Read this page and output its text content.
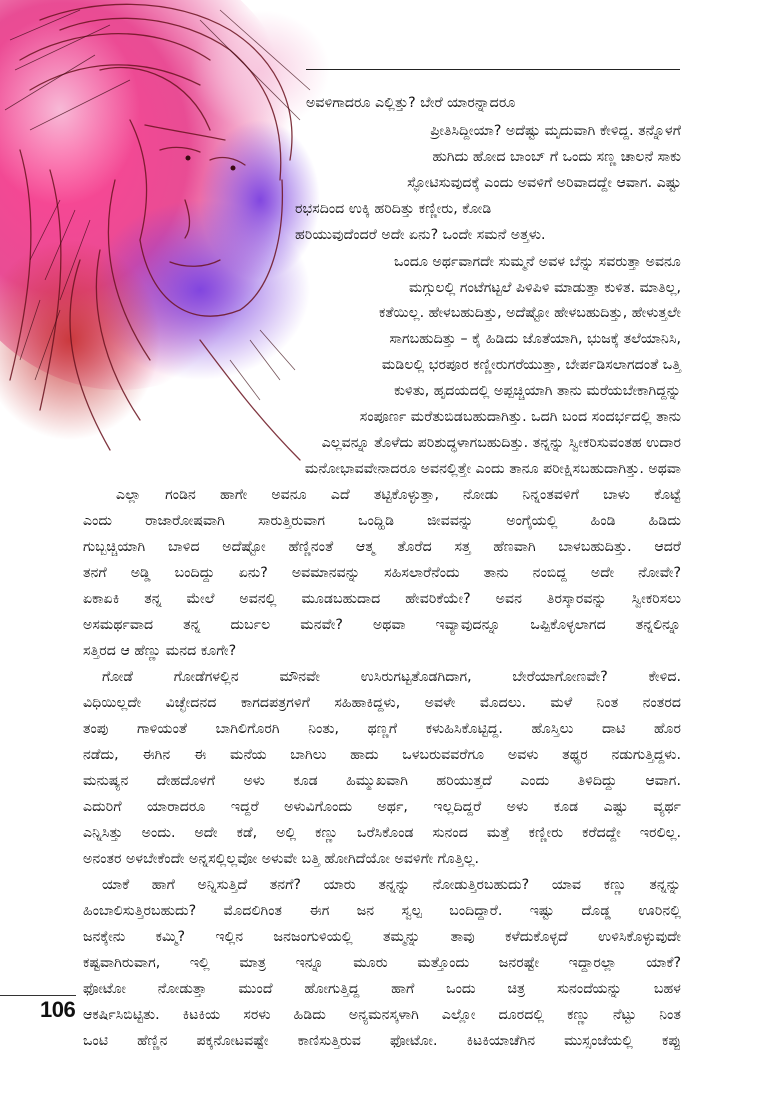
ಅವಳಿಗಾದರೂ ಎಲ್ಲಿತ್ತು? ಬೇರೆ ಯಾರನ್ನಾದರೂ
ಪ್ರೀತಿಸಿದ್ದೀಯಾ? ಅದೆಷ್ಟು ಮೃದುವಾಗಿ ಕೇಳಿದ್ದ. ತನ್ನೊಳಗೆ
ಹುಗಿದು ಹೋದ ಬಾಂಬ್ ಗೆ ಒಂದು ಸಣ್ಣ ಚಾಲನೆ ಸಾಕು
ಸ್ಫೋಟಿಸುವುದಕ್ಕೆ ಎಂದು ಅವಳಿಗೆ ಅರಿವಾದದ್ದೇ ಆವಾಗ. ಎಷ್ಟು
ರಭಸದಿಂದ ಉಕ್ಕಿ ಹರಿದಿತ್ತು ಕಣ್ಣೀರು, ಕೋಡಿ
ಹರಿಯುವುದೆಂದರೆ ಅದೇ ಏನು? ಒಂದೇ ಸಮನೆ ಅತ್ತಳು.
ಒಂದೂ ಅರ್ಥವಾಗದೇ ಸುಮ್ಮನೆ ಅವಳ ಬೆನ್ನು ಸವರುತ್ತಾ ಅವನೂ
ಮಗ್ಗುಲಲ್ಲಿ ಗಂಟೆಗಟ್ಟಲೆ ಪಿಳಿಪಿಳಿ ಮಾಡುತ್ತಾ ಕುಳಿತ. ಮಾತಿಲ್ಲ,
ಕತೆಯಿಲ್ಲ. ಹೇಳಬಹುದಿತ್ತು, ಅದೆಷ್ಟೋ ಹೇಳಬಹುದಿತ್ತು, ಹೇಳುತ್ತಲೇ
ಸಾಗಬಹುದಿತ್ತು – ಕೈ ಹಿಡಿದು ಜೊತೆಯಾಗಿ, ಭುಜಕ್ಕೆ ತಲೆಯಾನಿಸಿ,
ಮಡಿಲಲ್ಲಿ ಭರಪೂರ ಕಣ್ಣೀರುಗರೆಯುತ್ತಾ, ಬೇರ್ಪಡಿಸಲಾಗದಂತೆ ಒತ್ತಿ
ಕುಳಿತು, ಹೃದಯದಲ್ಲಿ ಅಪ್ಪಚ್ಚಿಯಾಗಿ ತಾನು ಮರೆಯಬೇಕಾಗಿದ್ದನ್ನು
ಸಂಪೂರ್ಣ ಮರೆತುಬಿಡಬಹುದಾಗಿತ್ತು. ಒದಗಿ ಬಂದ ಸಂದರ್ಭದಲ್ಲಿ ತಾನು
ಎಲ್ಲವನ್ನೂ ತೊಳೆದು ಪರಿಶುದ್ಧಳಾಗಬಹುದಿತ್ತು. ತನ್ನನ್ನು ಸ್ವೀಕರಿಸುವಂತಹ ಉದಾರ
ಮನೋಭಾವವೇನಾದರೂ ಅವನಲ್ಲಿತ್ತೇ ಎಂದು ತಾನೂ ಪರೀಕ್ಷಿಸಬಹುದಾಗಿತ್ತು. ಅಥವಾ
ಎಲ್ಲಾ ಗಂಡಿನ ಹಾಗೇ ಅವನೂ ಎದೆ ತಟ್ಟಿಕೊಳ್ಳುತ್ತಾ, ನೋಡು ನಿನ್ನಂತವಳಿಗೆ ಬಾಳು ಕೊಟ್ಟೆ
ಎಂದು ರಾಜಾರೋಷವಾಗಿ ಸಾರುತ್ತಿರುವಾಗ ಒಂದ್ಹಿಡಿ ಜೀವವನ್ನು ಅಂಗೈಯಲ್ಲಿ ಹಿಂಡಿ ಹಿಡಿದು
ಗುಬ್ಬಚ್ಚಿಯಾಗಿ ಬಾಳಿದ ಅದೆಷ್ಟೋ ಹೆಣ್ಣಿನಂತೆ ಆತ್ಮ ತೊರೆದ ಸತ್ತ ಹೆಣವಾಗಿ ಬಾಳಬಹುದಿತ್ತು. ಆದರೆ
ತನಗೆ ಅಡ್ಡಿ ಬಂದಿದ್ದು ಏನು? ಅವಮಾನವನ್ನು ಸಹಿಸಲಾರೆನೆಂದು ತಾನು ನಂಬಿದ್ದ ಅದೇ ನೋವೇ?
ಏಕಾಏಕಿ ತನ್ನ ಮೇಲೆ ಅವನಲ್ಲಿ ಮೂಡಬಹುದಾದ ಹೇವರಿಕೆಯೇ? ಅವನ ತಿರಸ್ಕಾರವನ್ನು ಸ್ವೀಕರಿಸಲು
ಅಸಮರ್ಥವಾದ ತನ್ನ ದುರ್ಬಲ ಮನವೇ? ಅಥವಾ ಇವ್ಯಾವುದನ್ನೂ ಒಪ್ಪಿಕೊಳ್ಳಲಾಗದ ತನ್ನಲಿನ್ನೂ
ಸತ್ತಿರದ ಆ ಹೆಣ್ಣು ಮನದ ಕೂಗೇ?
ಗೋಡೆ ಗೋಡೆಗಳಲ್ಲಿನ ಮೌನವೇ ಉಸಿರುಗಟ್ಟತೊಡಗಿದಾಗ, ಬೇರೆಯಾಗೋಣವೇ? ಕೇಳಿದ.
ವಿಧಿಯಿಲ್ಲದೇ ವಿಚ್ಛೇದನದ ಕಾಗದಪತ್ರಗಳಿಗೆ ಸಹಿಹಾಕಿದ್ದಳು, ಅವಳೇ ಮೊದಲು. ಮಳೆ ನಿಂತ ನಂತರದ
ತಂಪು ಗಾಳಿಯಂತೆ ಬಾಗಿಲಿಗೊರಗಿ ನಿಂತು, ಥಣ್ಣಗೆ ಕಳುಹಿಸಿಕೊಟ್ಟಿದ್ದ. ಹೊಸ್ತಿಲು ದಾಟಿ ಹೊರ
ನಡೆದು, ಈಗಿನ ಈ ಮನೆಯ ಬಾಗಿಲು ಹಾದು ಒಳಬರುವವರೆಗೂ ಅವಳು ತಥ್ಥರ ನಡುಗುತ್ತಿದ್ದಳು.
ಮನುಷ್ಯನ ದೇಹದೊಳಗೆ ಅಳು ಕೂಡ ಹಿಮ್ಮುಖವಾಗಿ ಹರಿಯುತ್ತದೆ ಎಂದು ತಿಳಿದಿದ್ದು ಆವಾಗ.
ಎದುರಿಗೆ ಯಾರಾದರೂ ಇದ್ದರೆ ಅಳುವಿಗೊಂದು ಅರ್ಥ, ಇಲ್ಲದಿದ್ದರೆ ಅಳು ಕೂಡ ಎಷ್ಟು ವ್ಯರ್ಥ
ಎನ್ನಿಸಿತ್ತು ಅಂದು. ಅದೇ ಕಡೆ, ಅಲ್ಲಿ ಕಣ್ಣು ಒರೆಸಿಕೊಂಡ ಸುನಂದ ಮತ್ತೆ ಕಣ್ಣೀರು ಕರೆದದ್ದೇ ಇರಲಿಲ್ಲ.
ಅನಂತರ ಅಳಬೇಕೆಂದೇ ಅನ್ನಸಲ್ಲಿಲ್ಲವೋ ಅಳುವೇ ಬತ್ತಿ ಹೋಗಿದೆಯೋ ಅವಳಿಗೇ ಗೊತ್ತಿಲ್ಲ.
ಯಾಕೆ ಹಾಗೆ ಅನ್ನಿಸುತ್ತಿದೆ ತನಗೆ? ಯಾರು ತನ್ನನ್ನು ನೋಡುತ್ತಿರಬಹುದು? ಯಾವ ಕಣ್ಣು ತನ್ನನ್ನು
ಹಿಂಬಾಲಿಸುತ್ತಿರಬಹುದು? ಮೊದಲಿಗಿಂತ ಈಗ ಜನ ಸ್ವಲ್ಪ ಬಂದಿದ್ದಾರೆ. ಇಷ್ಟು ದೊಡ್ಡ ಊರಿನಲ್ಲಿ
ಜನಕ್ಕೇನು ಕಮ್ಮಿ? ಇಲ್ಲಿನ ಜನಜಂಗುಳಿಯಲ್ಲಿ ತಮ್ಮನ್ನು ತಾವು ಕಳೆದುಕೊಳ್ಳದೆ ಉಳಿಸಿಕೊಳ್ಳುವುದೇ
ಕಷ್ಟವಾಗಿರುವಾಗ, ಇಲ್ಲಿ ಮಾತ್ರ ಇನ್ನೂ ಮೂರು ಮತ್ತೊಂದು ಜನರಷ್ಟೇ ಇದ್ದಾರಲ್ಲಾ ಯಾಕೆ?
ಫೋಟೋ ನೋಡುತ್ತಾ ಮುಂದೆ ಹೋಗುತ್ತಿದ್ದ ಹಾಗೆ ಒಂದು ಚಿತ್ರ ಸುನಂದೆಯನ್ನು ಬಹಳ
ಆಕರ್ಷಿಸಿಬಿಟ್ಟಿತು. ಕಿಟಕಿಯ ಸರಳು ಹಿಡಿದು ಅನ್ಯಮನಸ್ಕಳಾಗಿ ಎಲ್ಲೋ ದೂರದಲ್ಲಿ ಕಣ್ಣು ನೆಟ್ಟು ನಿಂತ
ಒಂಟಿ ಹೆಣ್ಣಿನ ಪಕ್ಕನೋಟವಷ್ಟೇ ಕಾಣಿಸುತ್ತಿರುವ ಫೋಟೋ. ಕಿಟಕಿಯಾಚೆಗಿನ ಮುಸ್ಸಂಜೆಯಲ್ಲಿ ಕಪ್ಪು
106
